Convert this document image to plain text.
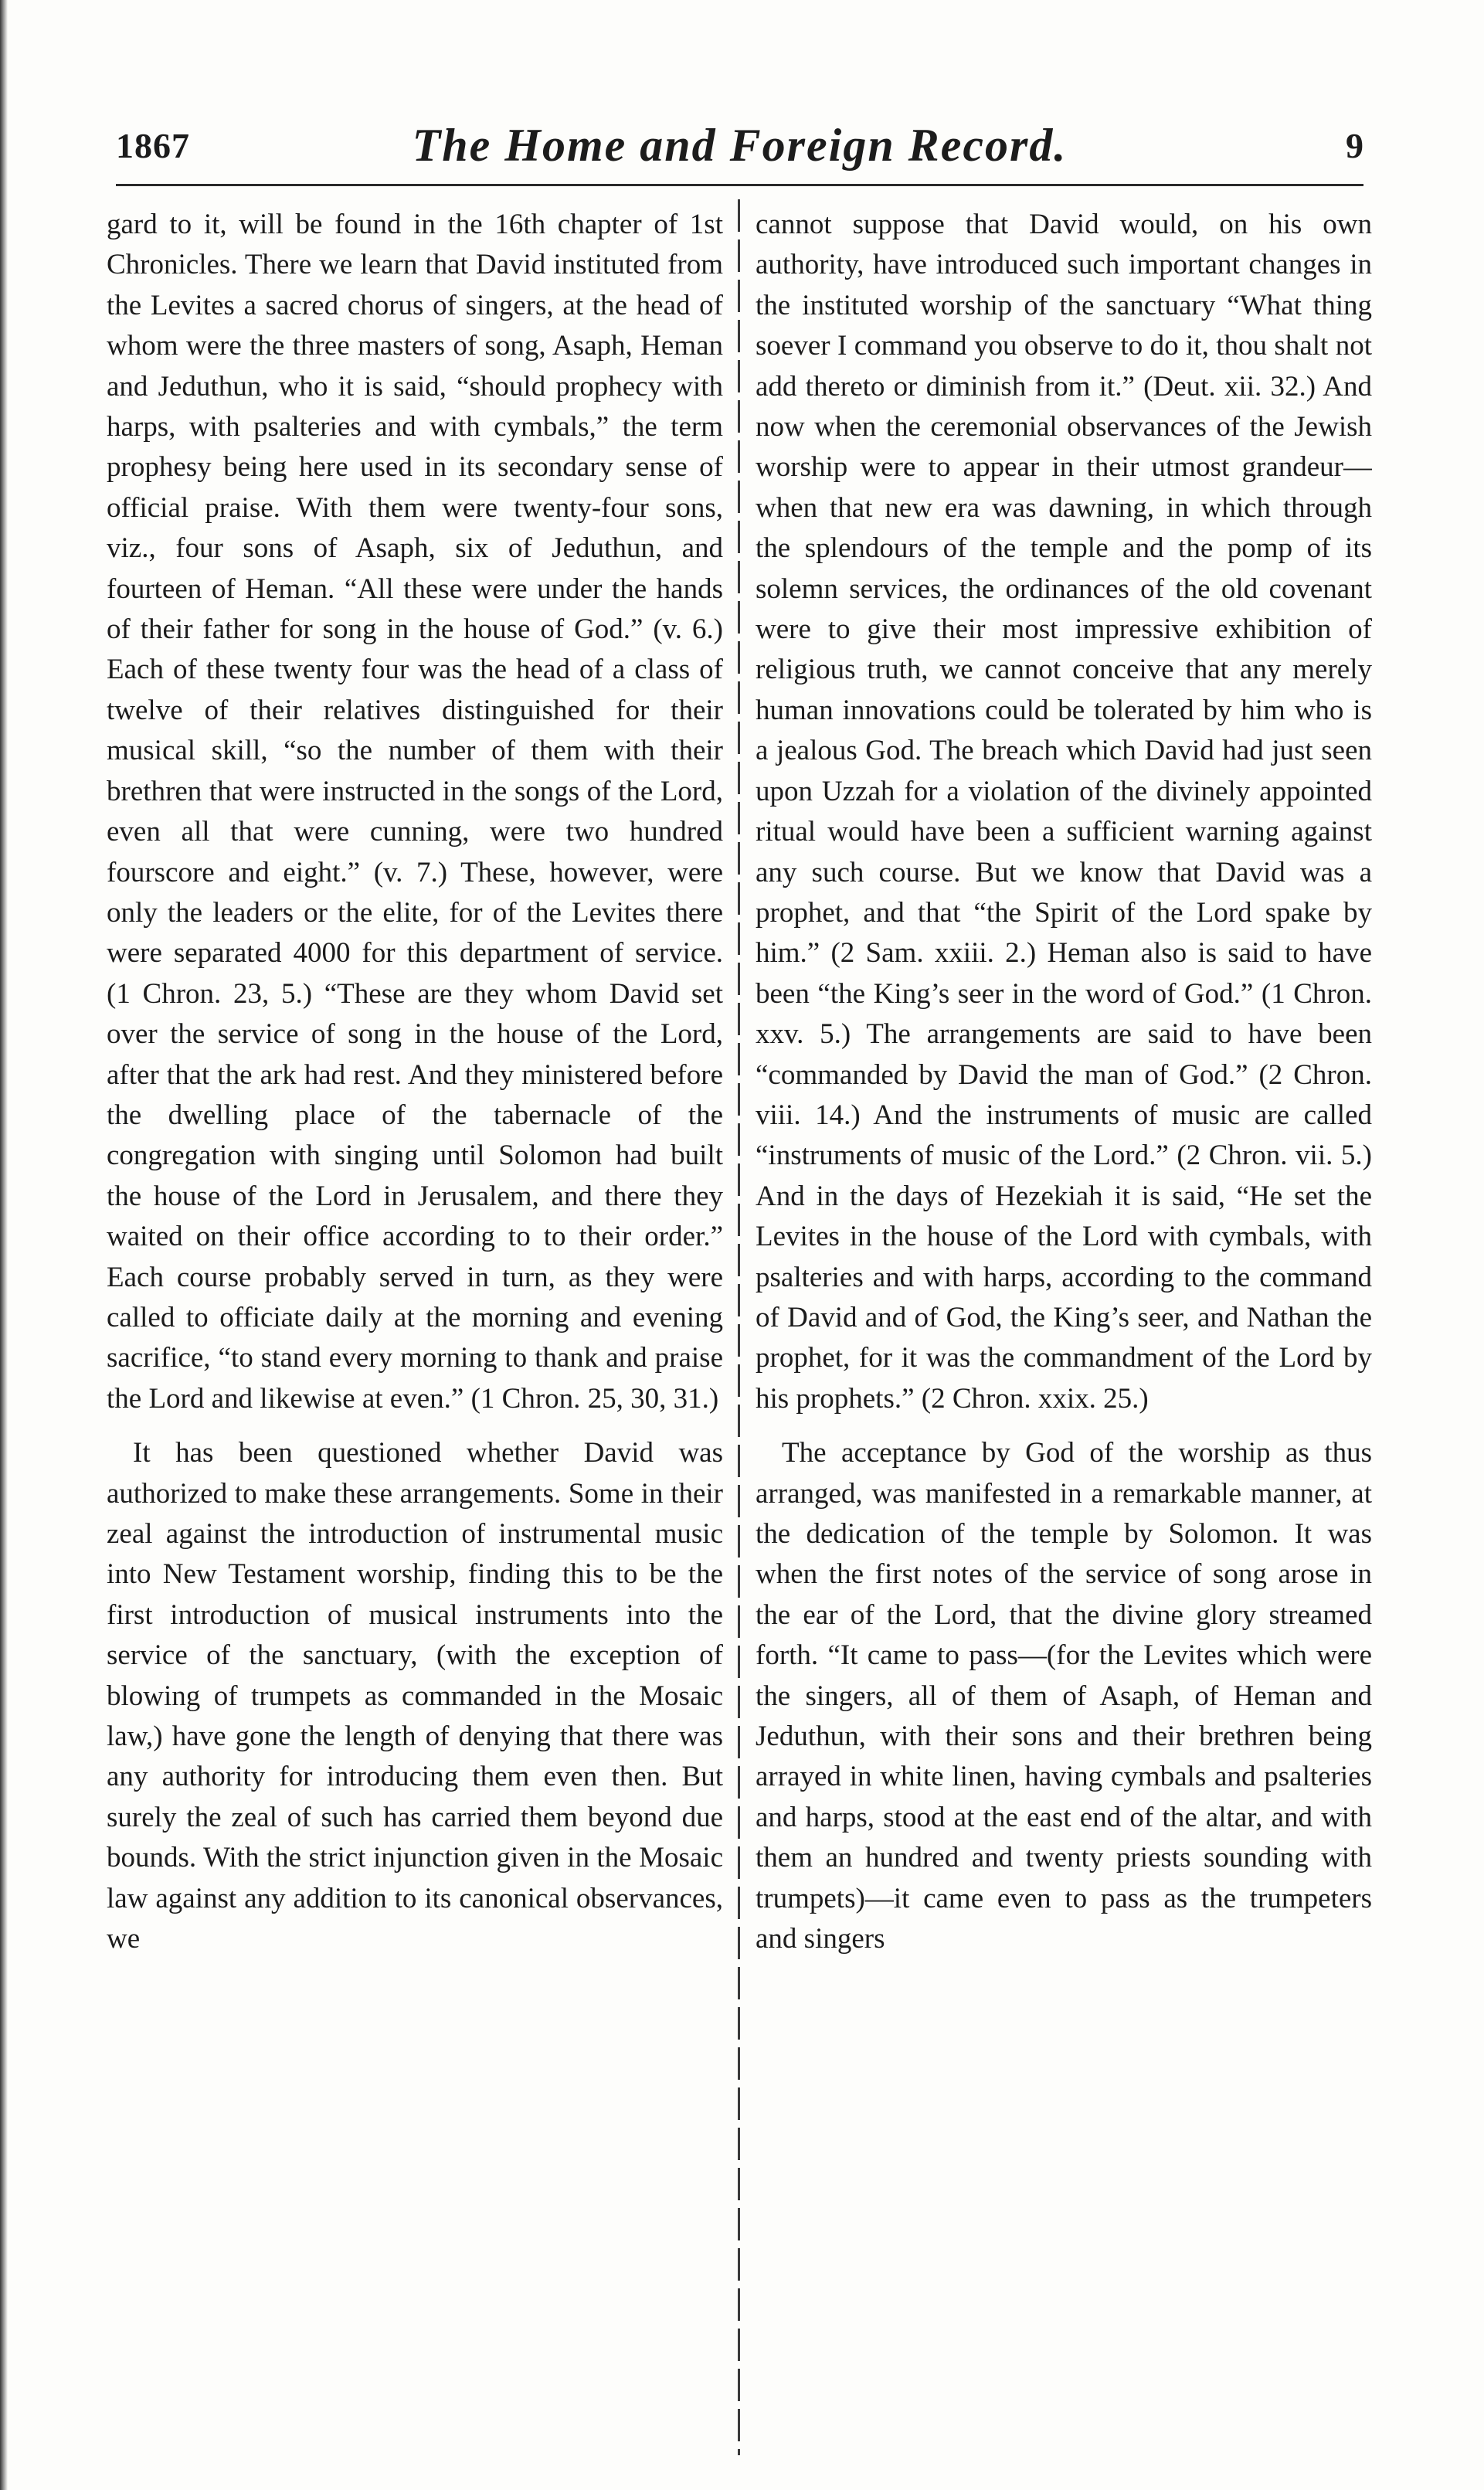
1867	The Home and Foreign Record.	9

gard to it, will be found in the 16th chapter of 1st Chronicles. There we learn that David instituted from the Levites a sacred chorus of singers, at the head of whom were the three masters of song, Asaph, Heman and Jeduthun, who it is said, “should prophecy with harps, with psalteries and with cymbals,” the term prophesy being here used in its secondary sense of official praise. With them were twenty-four sons, viz., four sons of Asaph, six of Jeduthun, and fourteen of Heman. “All these were under the hands of their father for song in the house of God.” (v. 6.) Each of these twenty four was the head of a class of twelve of their relatives distinguished for their musical skill, “so the number of them with their brethren that were instructed in the songs of the Lord, even all that were cunning, were two hundred fourscore and eight.” (v. 7.) These, however, were only the leaders or the elite, for of the Levites there were separated 4000 for this department of service. (1 Chron. 23, 5.) “These are they whom David set over the service of song in the house of the Lord, after that the ark had rest. And they ministered before the dwelling place of the tabernacle of the congregation with singing until Solomon had built the house of the Lord in Jerusalem, and there they waited on their office according to to their order.” Each course probably served in turn, as they were called to officiate daily at the morning and evening sacrifice, “to stand every morning to thank and praise the Lord and likewise at even.” (1 Chron. 25, 30, 31.)

It has been questioned whether David was authorized to make these arrangements. Some in their zeal against the introduction of instrumental music into New Testament worship, finding this to be the first introduction of musical instruments into the service of the sanctuary, (with the exception of blowing of trumpets as commanded in the Mosaic law,) have gone the length of denying that there was any authority for introducing them even then. But surely the zeal of such has carried them beyond due bounds. With the strict injunction given in the Mosaic law against any addition to its canonical observances, we

cannot suppose that David would, on his own authority, have introduced such important changes in the instituted worship of the sanctuary “What thing soever I command you observe to do it, thou shalt not add thereto or diminish from it.” (Deut. xii. 32.) And now when the ceremonial observances of the Jewish worship were to appear in their utmost grandeur—when that new era was dawning, in which through the splendours of the temple and the pomp of its solemn services, the ordinances of the old covenant were to give their most impressive exhibition of religious truth, we cannot conceive that any merely human innovations could be tolerated by him who is a jealous God. The breach which David had just seen upon Uzzah for a violation of the divinely appointed ritual would have been a sufficient warning against any such course. But we know that David was a prophet, and that “the Spirit of the Lord spake by him.” (2 Sam. xxiii. 2.) Heman also is said to have been “the King’s seer in the word of God.” (1 Chron. xxv. 5.) The arrangements are said to have been “commanded by David the man of God.” (2 Chron. viii. 14.) And the instruments of music are called “instruments of music of the Lord.” (2 Chron. vii. 5.) And in the days of Hezekiah it is said, “He set the Levites in the house of the Lord with cymbals, with psalteries and with harps, according to the command of David and of God, the King’s seer, and Nathan the prophet, for it was the commandment of the Lord by his prophets.” (2 Chron. xxix. 25.)

The acceptance by God of the worship as thus arranged, was manifested in a remarkable manner, at the dedication of the temple by Solomon. It was when the first notes of the service of song arose in the ear of the Lord, that the divine glory streamed forth. “It came to pass—(for the Levites which were the singers, all of them of Asaph, of Heman and Jeduthun, with their sons and their brethren being arrayed in white linen, having cymbals and psalteries and harps, stood at the east end of the altar, and with them an hundred and twenty priests sounding with trumpets)—it came even to pass as the trumpeters and singers
